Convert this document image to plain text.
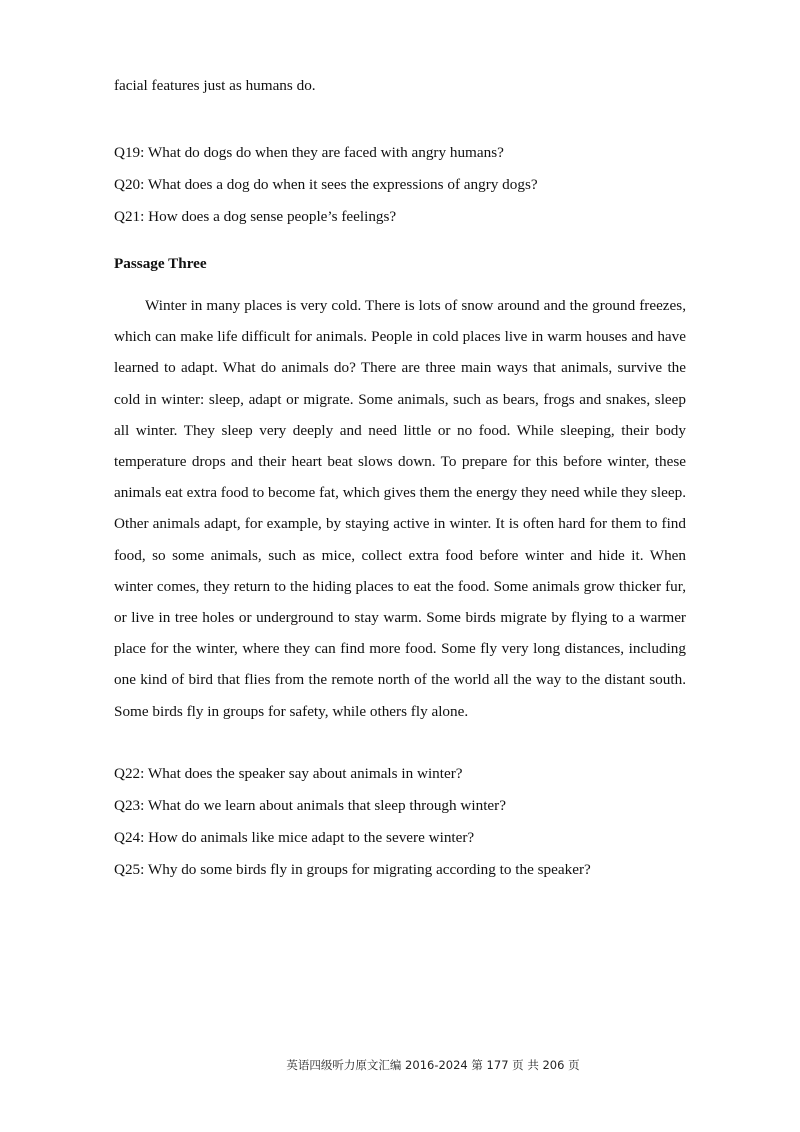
facial features just as humans do.
Q19: What do dogs do when they are faced with angry humans?
Q20: What does a dog do when it sees the expressions of angry dogs?
Q21: How does a dog sense people’s feelings?
Passage Three

Winter in many places is very cold. There is lots of snow around and the ground freezes, which can make life difficult for animals. People in cold places live in warm houses and have learned to adapt. What do animals do? There are three main ways that animals, survive the cold in winter: sleep, adapt or migrate. Some animals, such as bears, frogs and snakes, sleep all winter. They sleep very deeply and need little or no food. While sleeping, their body temperature drops and their heart beat slows down. To prepare for this before winter, these animals eat extra food to become fat, which gives them the energy they need while they sleep. Other animals adapt, for example, by staying active in winter. It is often hard for them to find food, so some animals, such as mice, collect extra food before winter and hide it. When winter comes, they return to the hiding places to eat the food. Some animals grow thicker fur, or live in tree holes or underground to stay warm. Some birds migrate by flying to a warmer place for the winter, where they can find more food. Some fly very long distances, including one kind of bird that flies from the remote north of the world all the way to the distant south. Some birds fly in groups for safety, while others fly alone.

Q22: What does the speaker say about animals in winter?
Q23: What do we learn about animals that sleep through winter?
Q24: How do animals like mice adapt to the severe winter?
Q25: Why do some birds fly in groups for migrating according to the speaker?
英语四级听力原文汇编 2016-2024 第 177 页 共 206 页
